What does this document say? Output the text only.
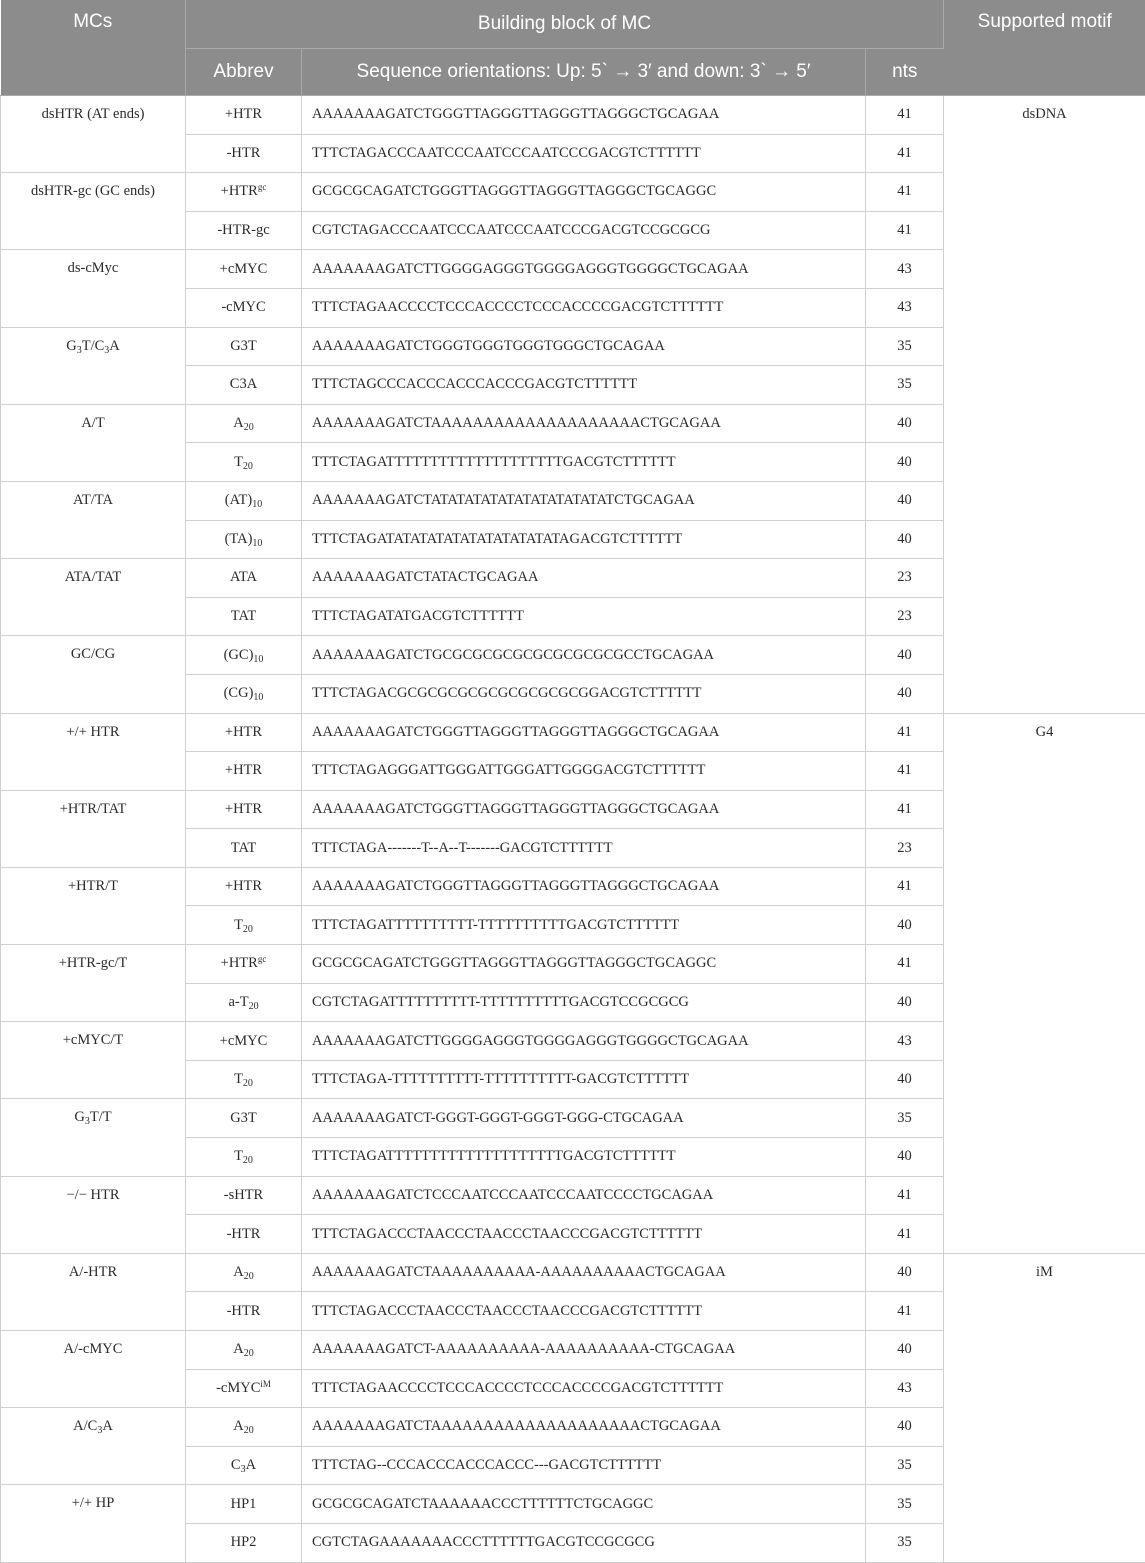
MCs	Building block of MC			Supported motif
	Abbrev	Sequence orientations: Up: 5` → 3′ and down: 3` → 5′	nts	
dsHTR (AT ends)	+HTR	AAAAAAAGATCTGGGTTAGGGTTAGGGTTAGGGCTGCAGAA	41	dsDNA
	-HTR	TTTCTAGACCCAATCCCAATCCCAATCCCGACGTCTTTTTT	41	
dsHTR-gc (GC ends)	$+HTR^{gc}$	GCGCGCAGATCTGGGTTAGGGTTAGGGTTAGGGCTGCAGGC	41	
	-HTR-gc	CGTCTAGACCCAATCCCAATCCCAATCCCGACGTCCGCGCG	41	
ds-cMyc	+cMYC	AAAAAAAGATCTTGGGGAGGGTGGGGAGGGTGGGGCTGCAGAA	43	
	-cMYC	TTTCTAGAACCCCTCCCACCCCTCCCACCCCGACGTCTTTTTT	43	
$G_3T/C_3A$	G3T	AAAAAAAGATCTGGGTGGGTGGGTGGGCTGCAGAA	35	
	C3A	TTTCTAGCCCACCCACCCACCCGACGTCTTTTTT	35	
A/T	$A_{20}$	AAAAAAAGATCTAAAAAAAAAAAAAAAAAAAACTGCAGAA	40	
	$T_{20}$	TTTCTAGATTTTTTTTTTTTTTTTTTTTGACGTCTTTTTT	40	
AT/TA	$(AT)_{10}$	AAAAAAAGATCTATATATATATATATATATATATCTGCAGAA	40	
	$(TA)_{10}$	TTTCTAGATATATATATATATATATATATAGACGTCTTTTTT	40	
ATA/TAT	ATA	AAAAAAAGATCTATACTGCAGAA	23	
	TAT	TTTCTAGATATGACGTCTTTTTT	23	
GC/CG	$(GC)_{10}$	AAAAAAAGATCTGCGCGCGCGCGCGCGCGCGCCTGCAGAA	40	
	$(CG)_{10}$	TTTCTAGACGCGCGCGCGCGCGCGCGCGGACGTCTTTTTT	40	
+/+ HTR	+HTR	AAAAAAAGATCTGGGTTAGGGTTAGGGTTAGGGCTGCAGAA	41	G4
	+HTR	TTTCTAGAGGGATTGGGATTGGGATTGGGGACGTCTTTTTT	41	
+HTR/TAT	+HTR	AAAAAAAGATCTGGGTTAGGGTTAGGGTTAGGGCTGCAGAA	41	
	TAT	TTTCTAGA-------T--A--T-------GACGTCTTTTTT	23	
+HTR/T	+HTR	AAAAAAAGATCTGGGTTAGGGTTAGGGTTAGGGCTGCAGAA	41	
	$T_{20}$	TTTCTAGATTTTTTTTTT-TTTTTTTTTTGACGTCTTTTTT	40	
+HTR-gc/T	$+HTR^{gc}$	GCGCGCAGATCTGGGTTAGGGTTAGGGTTAGGGCTGCAGGC	41	
	$a-T_{20}$	CGTCTAGATTTTTTTTTT-TTTTTTTTTTGACGTCCGCGCG	40	
+cMYC/T	+cMYC	AAAAAAAGATCTTGGGGAGGGTGGGGAGGGTGGGGCTGCAGAA	43	
	$T_{20}$	TTTCTAGA-TTTTTTTTTT-TTTTTTTTTT-GACGTCTTTTTT	40	
$G_3T/T$	G3T	AAAAAAAGATCT-GGGT-GGGT-GGGT-GGG-CTGCAGAA	35	
	$T_{20}$	TTTCTAGATTTTTTTTTTTTTTTTTTTTGACGTCTTTTTT	40	
−/− HTR	-sHTR	AAAAAAAGATCTCCCAATCCCAATCCCAATCCCCTGCAGAA	41	
	-HTR	TTTCTAGACCCTAACCCTAACCCTAACCCGACGTCTTTTTT	41	
A/-HTR	$A_{20}$	AAAAAAAGATCTAAAAAAAAAA-AAAAAAAAAACTGCAGAA	40	iM
	-HTR	TTTCTAGACCCTAACCCTAACCCTAACCCGACGTCTTTTTT	41	
A/-cMYC	$A_{20}$	AAAAAAAGATCT-AAAAAAAAAA-AAAAAAAAAA-CTGCAGAA	40	
	-cMYC$^{iM}$	TTTCTAGAACCCCTCCCACCCCTCCCACCCCGACGTCTTTTTT	43	
$A/C_3A$	$A_{20}$	AAAAAAAGATCTAAAAAAAAAAAAAAAAAAAACTGCAGAA	40	
	$C_3A$	TTTCTAG--CCCACCCACCCACCC---GACGTCTTTTTT	35	
+/+ HP	HP1	GCGCGCAGATCTAAAAAACCCTTTTTTCTGCAGGC	35	
	HP2	CGTCTAGAAAAAAACCCTTTTTTGACGTCCGCGCG	35	
